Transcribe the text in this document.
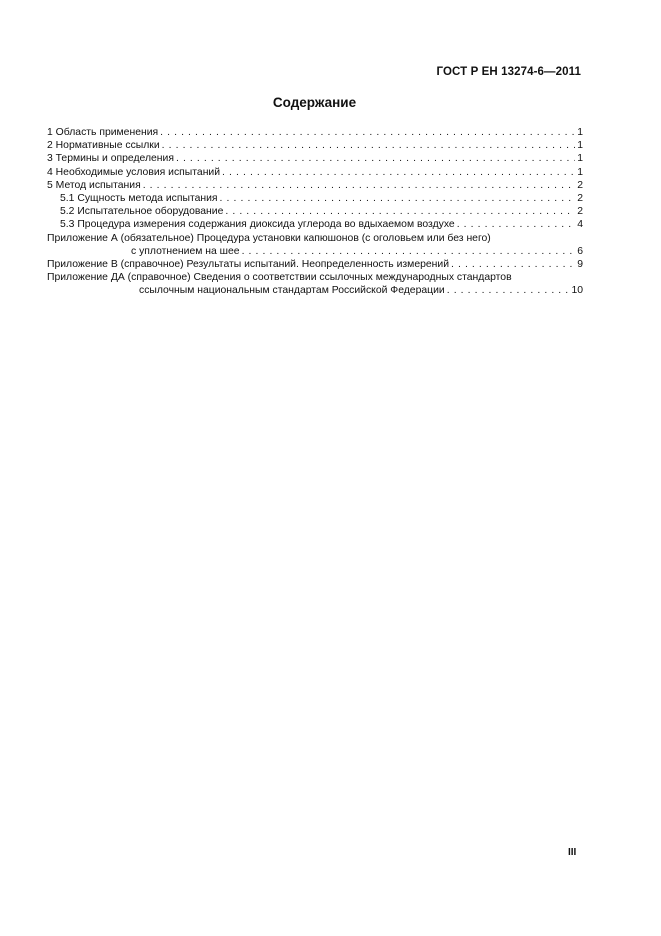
ГОСТ Р ЕН 13274-6—2011
Содержание
1 Область применения . . .	1
2 Нормативные ссылки . . .	1
3 Термины и определения . . .	1
4 Необходимые условия испытаний . . .	1
5 Метод испытания . . .	2
5.1 Сущность метода испытания . . .	2
5.2 Испытательное оборудование . . .	2
5.3 Процедура измерения содержания диоксида углерода во вдыхаемом воздухе . . .	4
Приложение А (обязательное) Процедура установки капюшонов (с оголовьем или без него)
с уплотнением на шее . . .	6
Приложение В (справочное) Результаты испытаний. Неопределенность измерений . . .	9
Приложение ДА (справочное) Сведения о соответствии ссылочных международных стандартов
ссылочным национальным стандартам Российской Федерации . . .	10
III
